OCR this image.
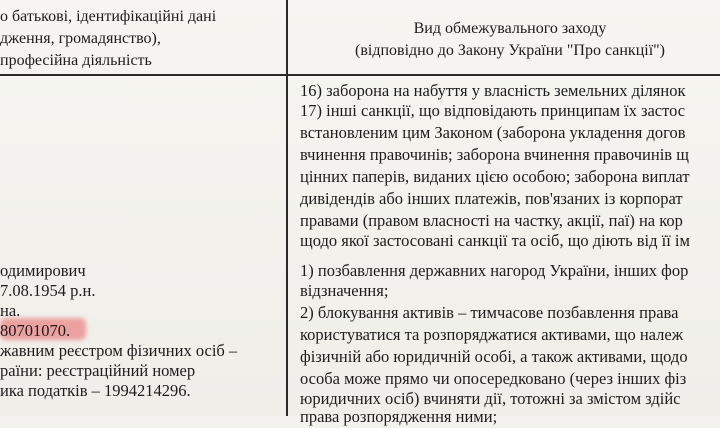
о батькові, ідентифікаційні дані
дження, громадянство),
професійна діяльність
Вид обмежувального заходу
(відповідно до Закону України "Про санкції")
одимирович
7.08.1954 р.н.
на.
80701070.
жавним реєстром фізичних осіб –
раїни: реєстраційний номер
ика податків – 1994214296.
16) заборона на набуття у власність земельних ділянок
17) інші санкції, що відповідають принципам їх застос
встановленим цим Законом (заборона укладення догов
вчинення правочинів; заборона вчинення правочинів щ
цінних паперів, виданих цією особою; заборона виплат
дивідендів або інших платежів, пов'язаних із корпорат
правами (правом власності на частку, акції, паї) на кор
щодо якої застосовані санкції та осіб, що діють від її ім
1) позбавлення державних нагород України, інших фор
відзначення;
2) блокування активів – тимчасове позбавлення права
користуватися та розпоряджатися активами, що належ
фізичній або юридичній особі, а також активами, щодо
особа може прямо чи опосередковано (через інших фіз
юридичних осіб) вчиняти дії, тотожні за змістом здійс
права розпорядження ними;
